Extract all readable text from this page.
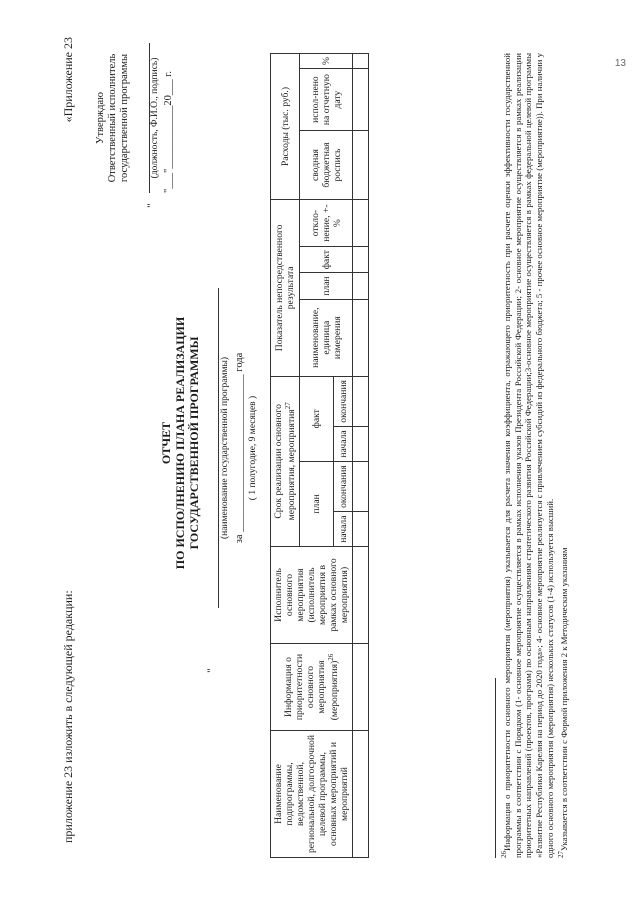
13
приложение 23 изложить в следующей редакции:
«Приложение 23 Утверждаю Ответственный исполнитель государственной программы (должность, Ф.И.О., подпись) "___"____________20___ г.
ОТЧЕТ ПО ИСПОЛНЕНИЮ ПЛАНА РЕАЛИЗАЦИИ ГОСУДАРСТВЕННОЙ ПРОГРАММЫ
"
"
(наименование государственной программы) за ______________________________ года
( 1 полугодие, 9 месяцев )
Наименование подпрограммы, ведомственной, региональной, долгосрочной целевой программы, основных мероприятий и мероприятий	Информация о приоритетности основного мероприятия (мероприятия)$^{26}$	Исполнитель основного мероприятия (исполнитель мероприятия в рамках основного мероприятия)	Срок реализации основного мероприятия, мероприятия$^{27}$				Показатель непосредственного результата				Расходы (тыс. руб.)		
			план		факт		наименование, единица измерения	план	факт	откло-нение, +- %	сводная бюджетная роспись	испол-нено на отчетную дату	%
			начала	окончания	начала	окончания							

$^{26}$Информация о приоритетности основного мероприятия (мероприятия) указывается для расчета значения коэффициента, отражающего приоритетность при расчете оценки эффективности государственной программы в соответствии с Порядком (1- основное мероприятие осуществляется в рамках исполнения указов Президента Российской Федерации; 2- основное мероприятие осуществляется в рамках реализации приоритетных направлений (проектов, программ) по основным направлениям стратегического развития Российской Федерации;3-основное мероприятие осуществляется в рамках федеральной целевой программы «Развитие Республики Карелия на период до 2020 года»; 4- основное мероприятие реализуется с привлечением субсидий из федерального бюджета; 5 - прочее основное мероприятие (мероприятие)). При наличии у одного основного мероприятия (мероприятия) нескольких статусов (1-4) используется высший. $^{27}$Указывается в соответствии с Формой приложения 2 к Методическим указаниям
